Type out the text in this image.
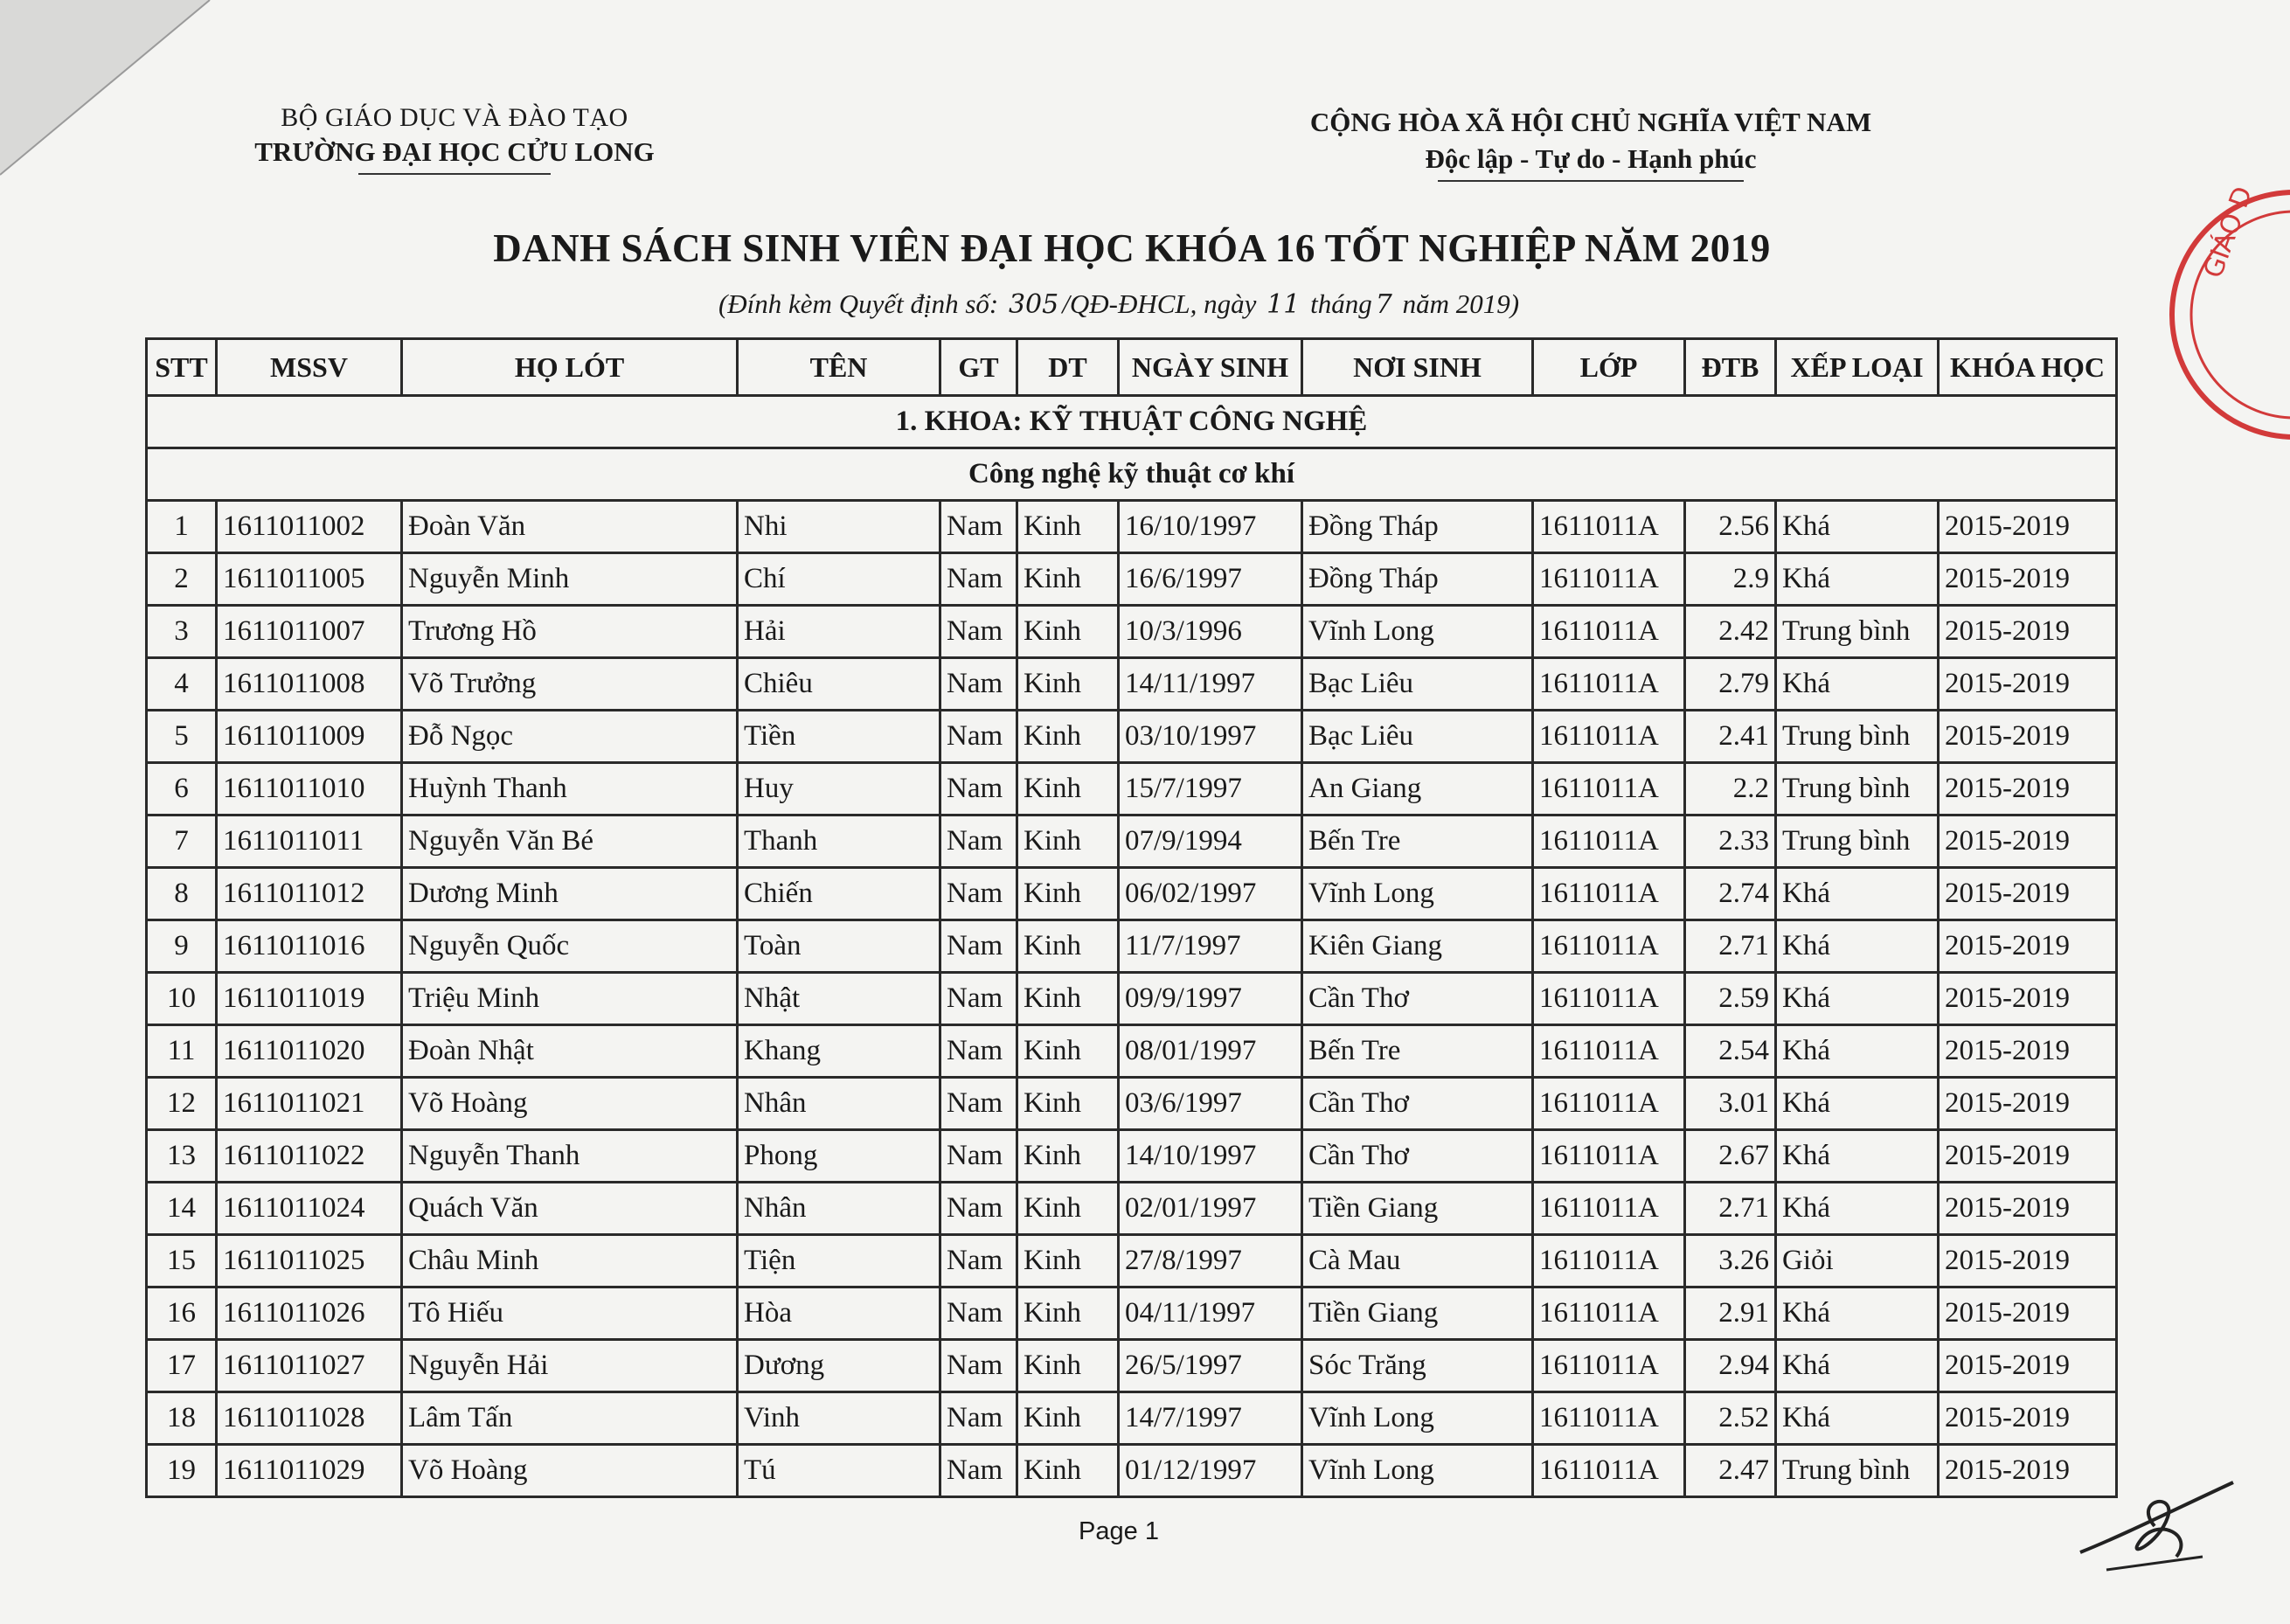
BỘ GIÁO DỤC VÀ ĐÀO TẠO
TRƯỜNG ĐẠI HỌC CỬU LONG
CỘNG HÒA XÃ HỘI CHỦ NGHĨA VIỆT NAM
Độc lập - Tự do - Hạnh phúc
DANH SÁCH SINH VIÊN ĐẠI HỌC KHÓA 16 TỐT NGHIỆP NĂM 2019
(Đính kèm Quyết định số: 305 /QĐ-ĐHCL, ngày 11 tháng 7 năm 2019)
STT	MSSV	HỌ LÓT	TÊN	GT	DT	NGÀY SINH	NƠI SINH	LỚP	ĐTB	XẾP LOẠI	KHÓA HỌC
1. KHOA: KỸ THUẬT CÔNG NGHỆ											
Công nghệ kỹ thuật cơ khí											
1	1611011002	Đoàn Văn	Nhi	Nam	Kinh	16/10/1997	Đồng Tháp	1611011A	2.56	Khá	2015-2019
2	1611011005	Nguyễn Minh	Chí	Nam	Kinh	16/6/1997	Đồng Tháp	1611011A	2.9	Khá	2015-2019
3	1611011007	Trương Hồ	Hải	Nam	Kinh	10/3/1996	Vĩnh Long	1611011A	2.42	Trung bình	2015-2019
4	1611011008	Võ Trưởng	Chiêu	Nam	Kinh	14/11/1997	Bạc Liêu	1611011A	2.79	Khá	2015-2019
5	1611011009	Đỗ Ngọc	Tiền	Nam	Kinh	03/10/1997	Bạc Liêu	1611011A	2.41	Trung bình	2015-2019
6	1611011010	Huỳnh Thanh	Huy	Nam	Kinh	15/7/1997	An Giang	1611011A	2.2	Trung bình	2015-2019
7	1611011011	Nguyễn Văn Bé	Thanh	Nam	Kinh	07/9/1994	Bến Tre	1611011A	2.33	Trung bình	2015-2019
8	1611011012	Dương Minh	Chiến	Nam	Kinh	06/02/1997	Vĩnh Long	1611011A	2.74	Khá	2015-2019
9	1611011016	Nguyễn Quốc	Toàn	Nam	Kinh	11/7/1997	Kiên Giang	1611011A	2.71	Khá	2015-2019
10	1611011019	Triệu Minh	Nhật	Nam	Kinh	09/9/1997	Cần Thơ	1611011A	2.59	Khá	2015-2019
11	1611011020	Đoàn Nhật	Khang	Nam	Kinh	08/01/1997	Bến Tre	1611011A	2.54	Khá	2015-2019
12	1611011021	Võ Hoàng	Nhân	Nam	Kinh	03/6/1997	Cần Thơ	1611011A	3.01	Khá	2015-2019
13	1611011022	Nguyễn Thanh	Phong	Nam	Kinh	14/10/1997	Cần Thơ	1611011A	2.67	Khá	2015-2019
14	1611011024	Quách Văn	Nhân	Nam	Kinh	02/01/1997	Tiền Giang	1611011A	2.71	Khá	2015-2019
15	1611011025	Châu Minh	Tiện	Nam	Kinh	27/8/1997	Cà Mau	1611011A	3.26	Giỏi	2015-2019
16	1611011026	Tô Hiếu	Hòa	Nam	Kinh	04/11/1997	Tiền Giang	1611011A	2.91	Khá	2015-2019
17	1611011027	Nguyễn Hải	Dương	Nam	Kinh	26/5/1997	Sóc Trăng	1611011A	2.94	Khá	2015-2019
18	1611011028	Lâm Tấn	Vinh	Nam	Kinh	14/7/1997	Vĩnh Long	1611011A	2.52	Khá	2015-2019
19	1611011029	Võ Hoàng	Tú	Nam	Kinh	01/12/1997	Vĩnh Long	1611011A	2.47	Trung bình	2015-2019
Page 1
GIÁO D
